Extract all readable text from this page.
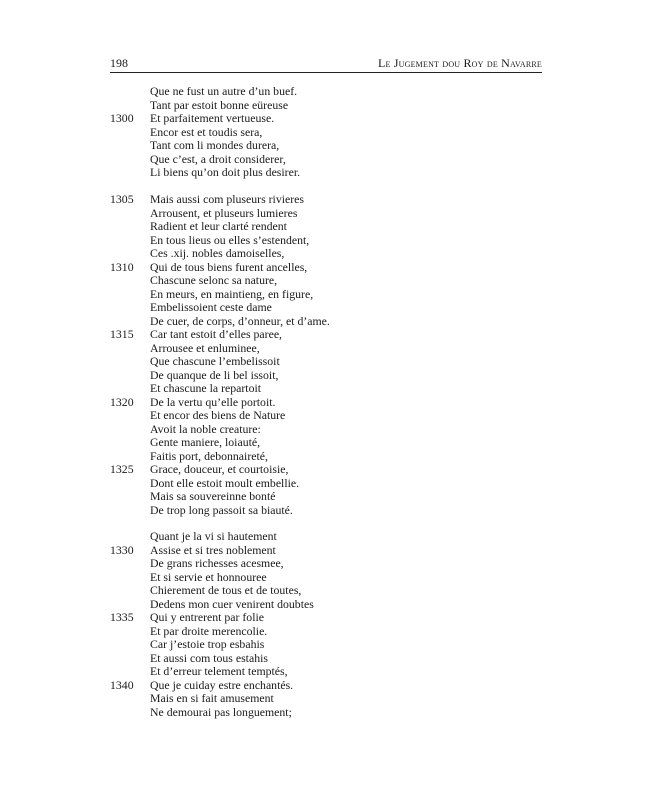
198	Le Jugement dou Roy de Navarre
Que ne fust un autre d’un buef.
Tant par estoit bonne eüreuse
1300	Et parfaitement vertueuse.
Encor est et toudis sera,
Tant com li mondes durera,
Que c’est, a droit considerer,
Li biens qu’on doit plus desirer.
1305	Mais aussi com pluseurs rivieres
Arrousent, et pluseurs lumieres
Radient et leur clarté rendent
En tous lieus ou elles s’estendent,
Ces .xij. nobles damoiselles,
1310	Qui de tous biens furent ancelles,
Chascune selonc sa nature,
En meurs, en maintieng, en figure,
Embelissoient ceste dame
De cuer, de corps, d’onneur, et d’ame.
1315	Car tant estoit d’elles paree,
Arrousee et enluminee,
Que chascune l’embelissoit
De quanque de li bel issoit,
Et chascune la repartoit
1320	De la vertu qu’elle portoit.
Et encor des biens de Nature
Avoit la noble creature:
Gente maniere, loiauté,
Faitis port, debonnaireté,
1325	Grace, douceur, et courtoisie,
Dont elle estoit moult embellie.
Mais sa souvereinne bonté
De trop long passoit sa biauté.
Quant je la vi si hautement
1330	Assise et si tres noblement
De grans richesses acesmee,
Et si servie et honnouree
Chierement de tous et de toutes,
Dedens mon cuer venirent doubtes
1335	Qui y entrerent par folie
Et par droite merencolie.
Car j’estoie trop esbahis
Et aussi com tous estahis
Et d’erreur telement temptés,
1340	Que je cuiday estre enchantés.
Mais en si fait amusement
Ne demourai pas longuement;
